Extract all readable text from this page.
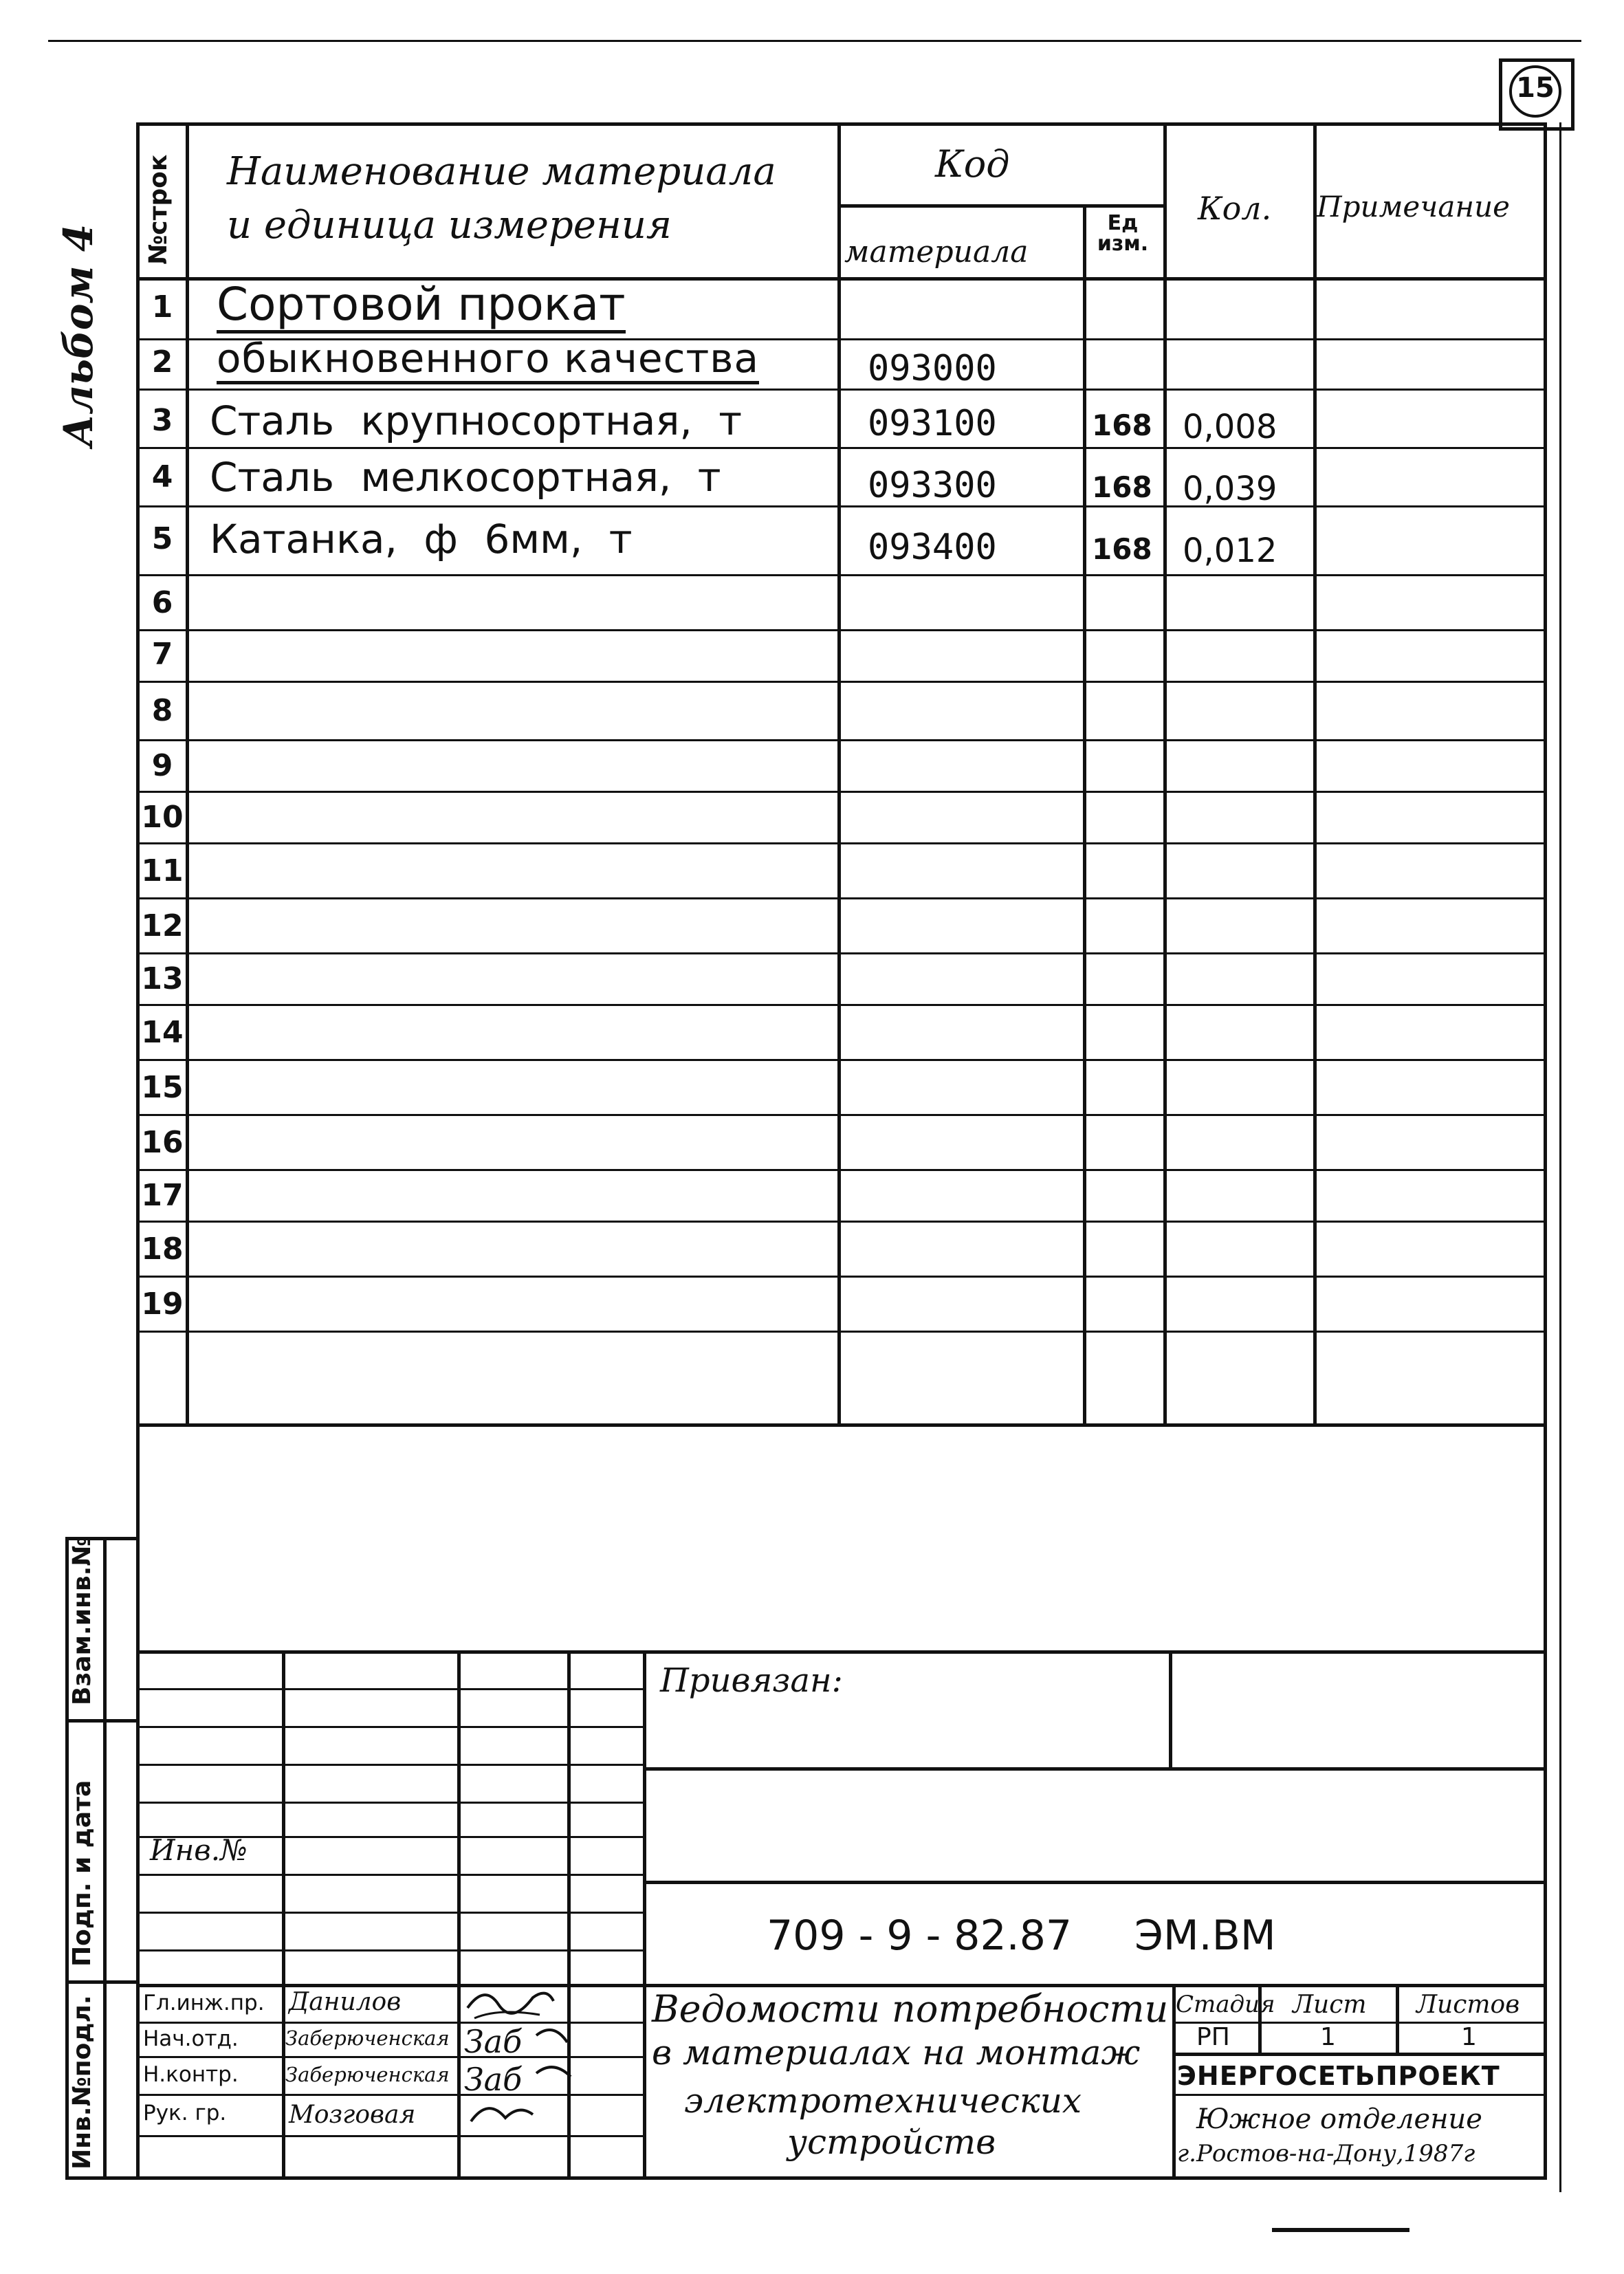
15
Альбом 4
№строк Наименование материала
и единица измерения
Код
материала
Ед изм.
Кол. Примечание
1
2
3
4
5
6
7
8
9
10
11
12
13
14
15
16
17
18
19
Сортовой прокат
обыкновенного качества
Сталь крупносортная, т
Сталь мелкосортная, т
Катанка, ф 6мм, т
093000
093100
093300
093400
168
168
168
0,008
0,039
0,012
Взам.инв.№
Подп. и дата
Инв.№подл.
Привязан:
Инв.№
709 - 9 - 82.87 ЭМ.ВМ
Гл.инж.пр.
Нач.отд.
Н.контр.
Рук. гр.
Данилов
Заберюченская
Заберюченская
Мозговая
Заб
Заб
Ведомости потребности
в материалах на монтаж
электротехнических
устройств
Стадия Лист Листов
РП	1	1
ЭНЕРГОСЕТЬПРОЕКТ
Южное отделение
г.Ростов-на-Дону,1987г
